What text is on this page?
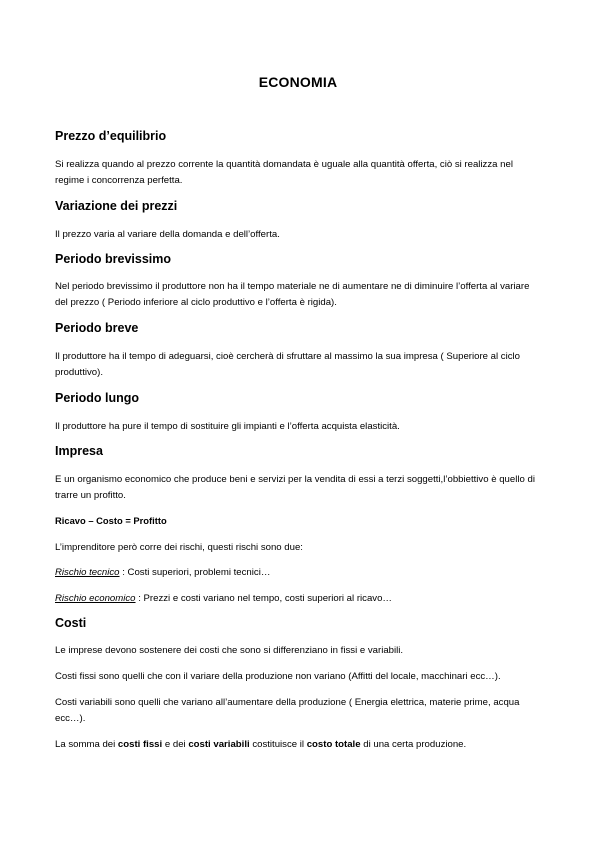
ECONOMIA
Prezzo d’equilibrio
Si realizza quando al prezzo corrente la quantità domandata è uguale alla quantità offerta, ciò si realizza nel regime i concorrenza perfetta.
Variazione dei prezzi
Il prezzo varia al variare della domanda e dell’offerta.
Periodo brevissimo
Nel periodo brevissimo il produttore non ha il tempo materiale ne di aumentare ne di diminuire l’offerta al variare del prezzo ( Periodo inferiore al ciclo produttivo e l’offerta è rigida).
Periodo breve
Il produttore ha il tempo di adeguarsi, cioè cercherà di sfruttare al massimo la sua impresa ( Superiore al ciclo produttivo).
Periodo lungo
Il produttore ha pure il tempo di sostituire gli impianti e l’offerta acquista elasticità.
Impresa
E un organismo economico che produce beni e servizi per la vendita di essi a terzi soggetti,l’obbiettivo è quello di trarre un profitto.
Ricavo – Costo = Profitto
L’imprenditore però corre dei rischi, questi rischi sono due:
Rischio tecnico : Costi superiori, problemi tecnici…
Rischio economico : Prezzi e costi variano nel tempo, costi superiori al ricavo…
Costi
Le imprese devono sostenere dei costi che sono si differenziano in fissi e variabili.
Costi fissi sono quelli che con il variare della produzione non variano (Affitti del locale, macchinari ecc…).
Costi variabili sono quelli che variano all’aumentare della produzione ( Energia elettrica, materie prime, acqua ecc…).
La somma dei costi fissi e dei costi variabili costituisce il costo totale di una certa produzione.
